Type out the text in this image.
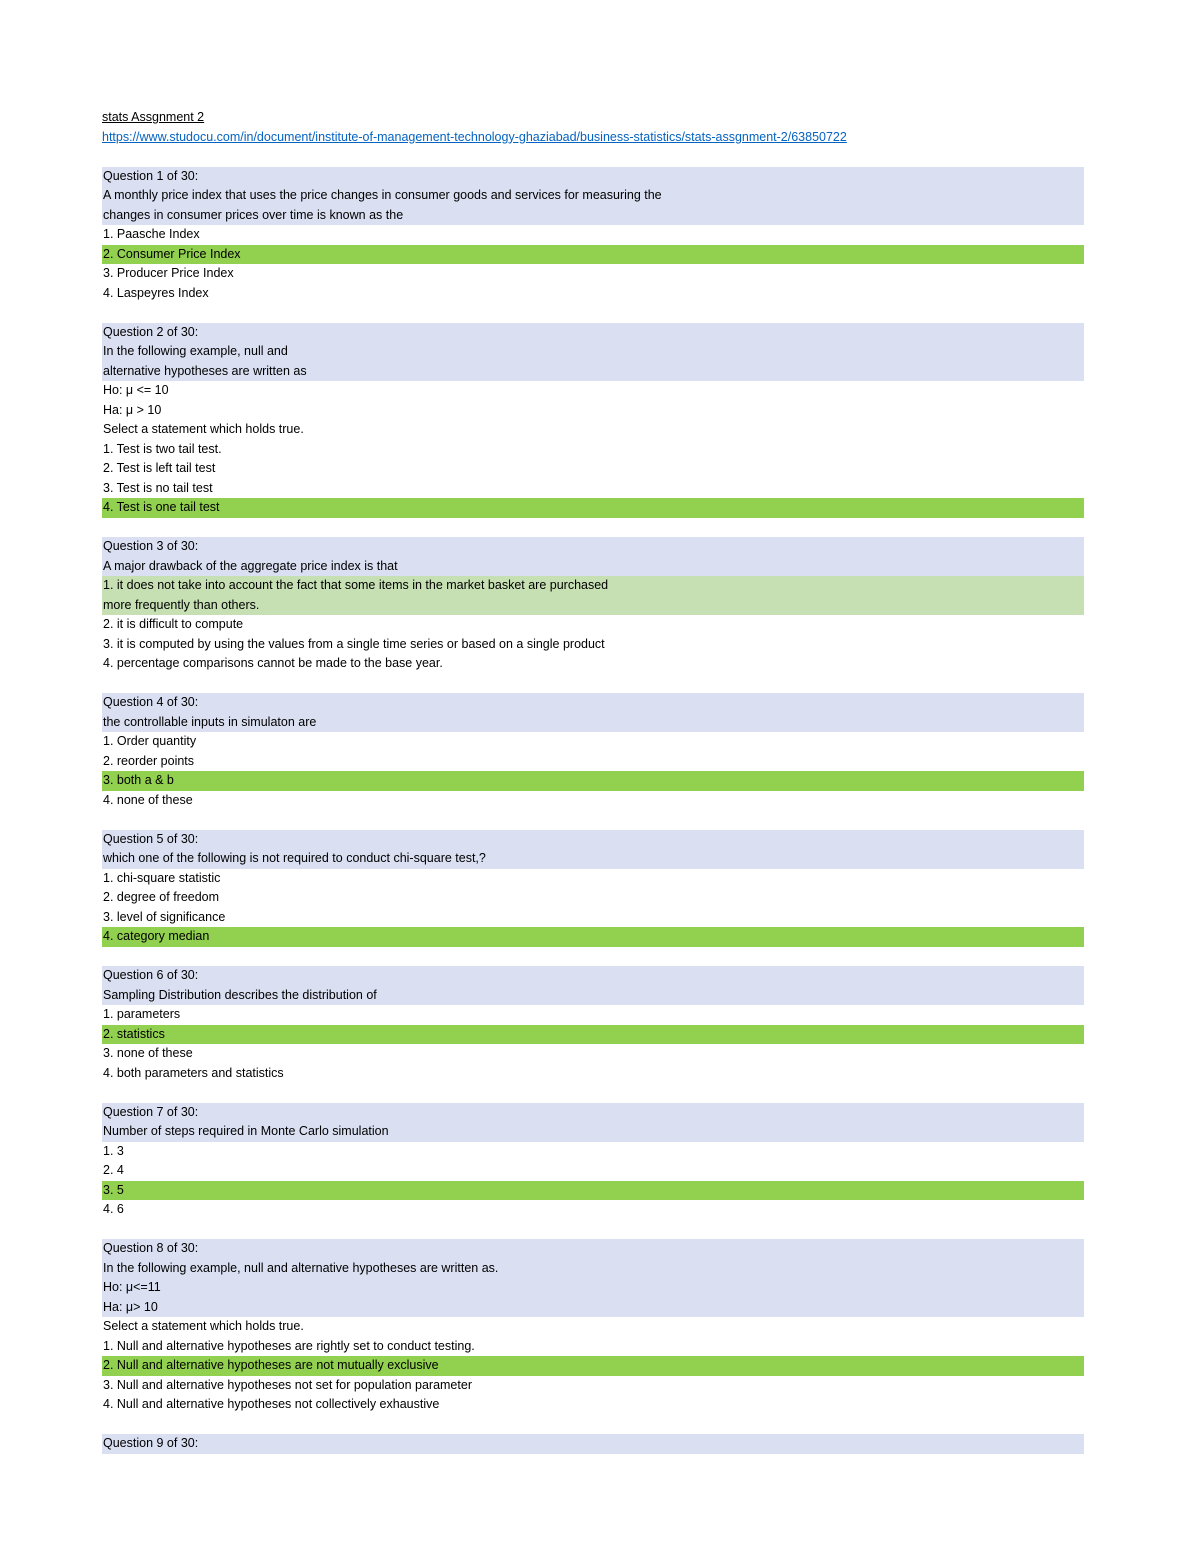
stats Assgnment 2
https://www.studocu.com/in/document/institute-of-management-technology-ghaziabad/business-statistics/stats-assgnment-2/63850722
Question 1 of 30:
A monthly price index that uses the price changes in consumer goods and services for measuring the
changes in consumer prices over time is known as the
1. Paasche Index
2. Consumer Price Index
3. Producer Price Index
4. Laspeyres Index
Question 2 of 30:
In the following example, null and
alternative hypotheses are written as
Ho: μ <= 10
Ha: μ > 10
Select a statement which holds true.
1. Test is two tail test.
2. Test is left tail test
3. Test is no tail test
4. Test is one tail test
Question 3 of 30:
A major drawback of the aggregate price index is that
1. it does not take into account the fact that some items in the market basket are purchased
more frequently than others.
2. it is difficult to compute
3. it is computed by using the values from a single time series or based on a single product
4. percentage comparisons cannot be made to the base year.
Question 4 of 30:
the controllable inputs in simulaton are
1. Order quantity
2. reorder points
3. both a & b
4. none of these
Question 5 of 30:
which one of the following is not required to conduct chi-square test,?
1. chi-square statistic
2. degree of freedom
3. level of significance
4. category median
Question 6 of 30:
Sampling Distribution describes the distribution of
1. parameters
2. statistics
3. none of these
4. both parameters and statistics
Question 7 of 30:
Number of steps required in Monte Carlo simulation
1. 3
2. 4
3. 5
4. 6
Question 8 of 30:
In the following example, null and alternative hypotheses are written as.
Ho: μ<=11
Ha: μ> 10
Select a statement which holds true.
1. Null and alternative hypotheses are rightly set to conduct testing.
2. Null and alternative hypotheses are not mutually exclusive
3. Null and alternative hypotheses not set for population parameter
4. Null and alternative hypotheses not collectively exhaustive
Question 9 of 30:
